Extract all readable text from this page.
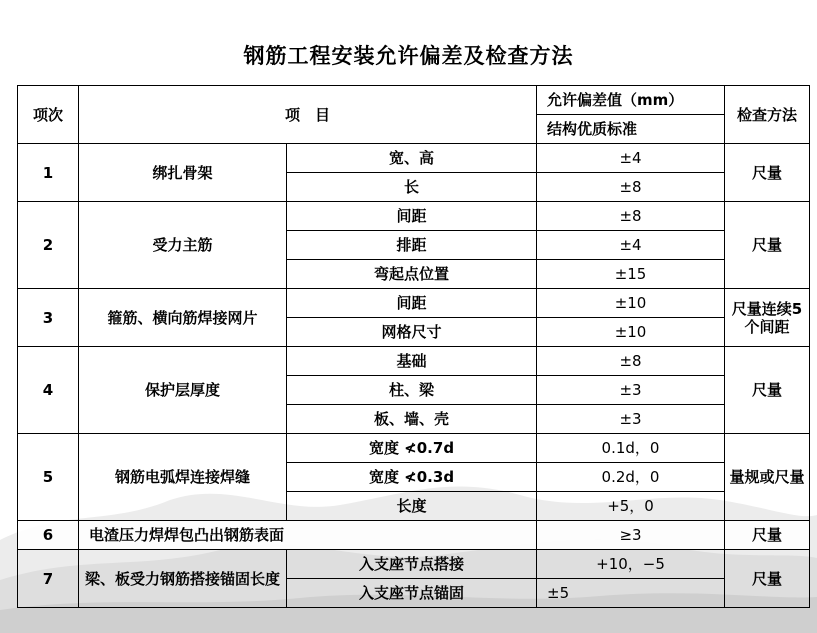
钢筋工程安装允许偏差及检查方法
项次	项　目		允许偏差值（mm）	检查方法
			结构优质标准	
1	绑扎骨架	宽、高	±4	尺量
		长	±8	
2	受力主筋	间距	±8	尺量
		排距	±4	
		弯起点位置	±15	
3	箍筋、横向筋焊接网片	间距	±10	尺量连续5个间距
		网格尺寸	±10	
4	保护层厚度	基础	±8	尺量
		柱、梁	±3	
		板、墙、壳	±3	
5	钢筋电弧焊连接焊缝	宽度 ≮0.7d	0.1d，0	量规或尺量
		宽度 ≮0.3d	0.2d，0	
		长度	+5，0	
6	电渣压力焊焊包凸出钢筋表面		≥3	尺量
7	梁、板受力钢筋搭接锚固长度	入支座节点搭接	+10，−5	尺量
		入支座节点锚固	±5	
